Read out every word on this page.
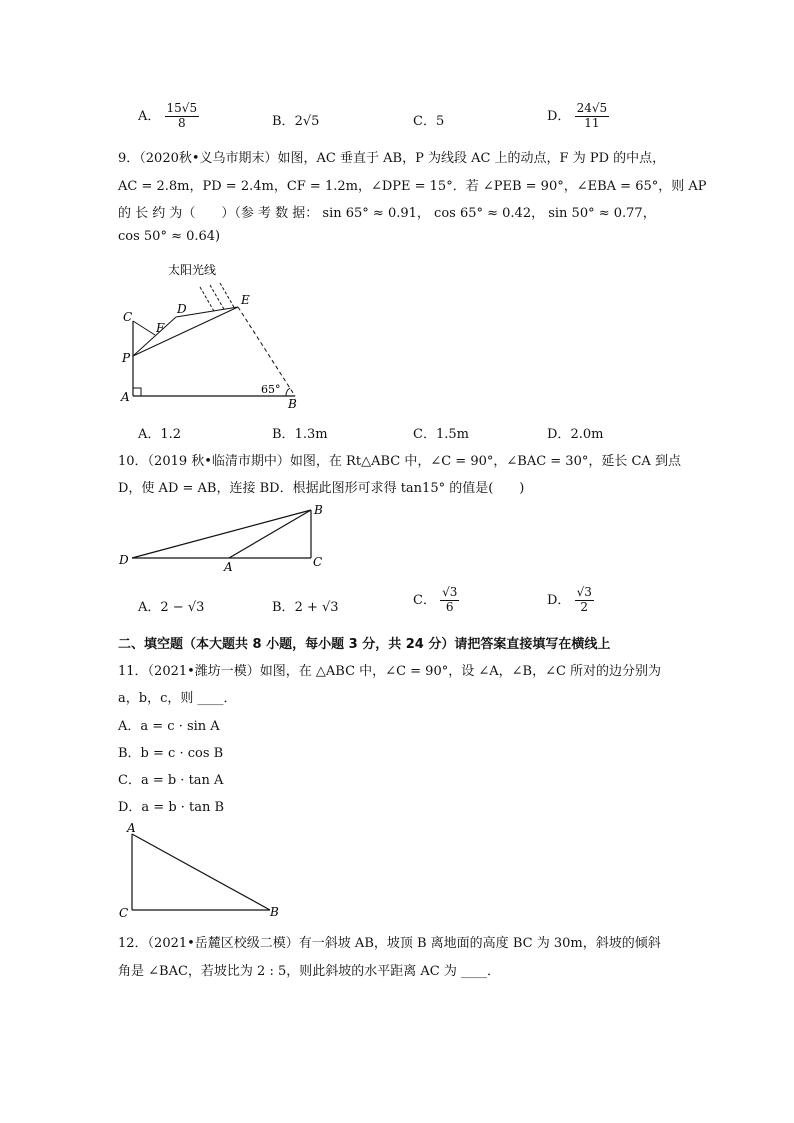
A． $\frac{15√5}{8}$	B．2√5	C．5	D． $\frac{24√5}{11}$
9．（2020秋•义乌市期末）如图，AC 垂直于 AB，P 为线段 AC 上的动点，F 为 PD 的中点，
AC = 2.8m，PD = 2.4m，CF = 1.2m，∠DPE = 15°．若 ∠PEB = 90°，∠EBA = 65°，则 AP
的 长 约 为（　　）（参 考 数 据： sin 65° ≈ 0.91， cos 65° ≈ 0.42， sin 50° ≈ 0.77，
cos 50° ≈ 0.64)
太阳光线
E
D
C
F
P
A	B
65°
A．1.2	B．1.3m	C．1.5m	D．2.0m
10．（2019 秋•临清市期中）如图，在 Rt△ABC 中，∠C = 90°，∠BAC = 30°，延长 CA 到点
D，使 AD = AB，连接 BD．根据此图形可求得 tan15° 的值是(　　)
B
D	A	C
A．2 − √3	B．2 + √3	C． $\frac{√3}{6}$	D． $\frac{√3}{2}$
二、填空题（本大题共 8 小题，每小题 3 分，共 24 分）请把答案直接填写在横线上
11．（2021•潍坊一模）如图，在 △ABC 中，∠C = 90°，设 ∠A，∠B，∠C 所对的边分别为
a，b，c，则 ____．
A．a = c · sin A
B．b = c · cos B
C．a = b · tan A
D．a = b · tan B
A
C	B
12．（2021•岳麓区校级二模）有一斜坡 AB，坡顶 B 离地面的高度 BC 为 30m，斜坡的倾斜
角是 ∠BAC，若坡比为 2 : 5，则此斜坡的水平距离 AC 为 ____．
